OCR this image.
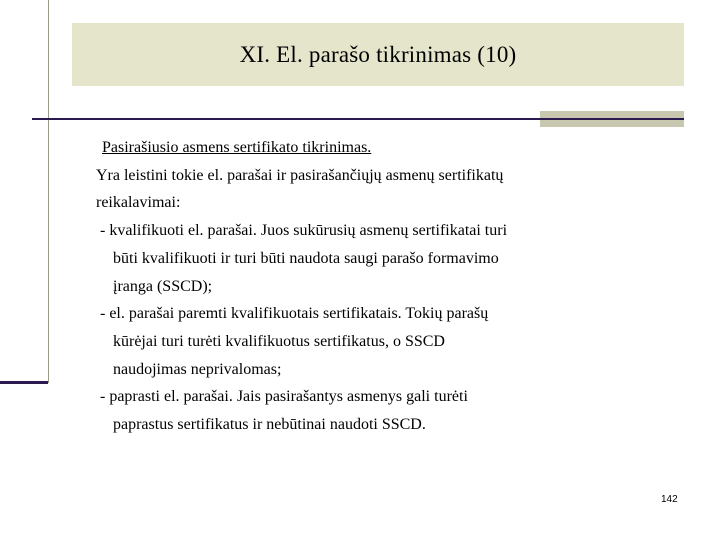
XI. El. parašo tikrinimas (10)
Pasirašiusio asmens sertifikato tikrinimas.
Yra leistini tokie el. parašai ir pasirašančiųjų asmenų sertifikatų
reikalavimai:
- kvalifikuoti el. parašai. Juos sukūrusių asmenų sertifikatai turi
būti kvalifikuoti ir turi būti naudota saugi parašo formavimo
įranga (SSCD);
- el. parašai paremti kvalifikuotais sertifikatais. Tokių parašų
kūrėjai turi turėti kvalifikuotus sertifikatus, o SSCD
naudojimas neprivalomas;
- paprasti el. parašai. Jais pasirašantys asmenys gali turėti
paprastus sertifikatus ir nebūtinai naudoti SSCD.
142
